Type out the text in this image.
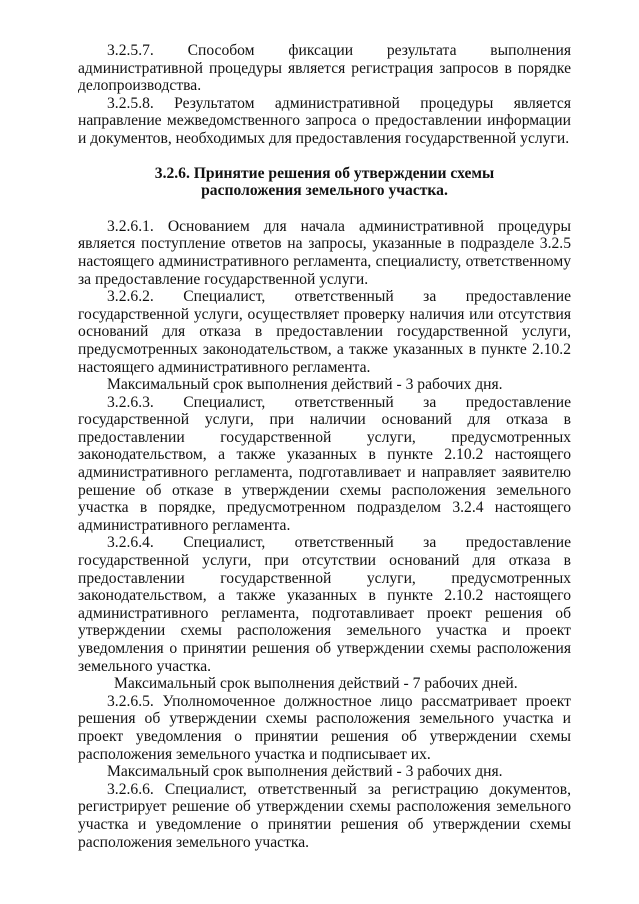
3.2.5.7. Способом фиксации результата выполнения административной процедуры является регистрация запросов в порядке делопроизводства.

3.2.5.8. Результатом административной процедуры является направление межведомственного запроса о предоставлении информации и документов, необходимых для предоставления государственной услуги.

3.2.6. Принятие решения об утверждении схемы расположения земельного участка.

3.2.6.1. Основанием для начала административной процедуры является поступление ответов на запросы, указанные в подразделе 3.2.5 настоящего административного регламента, специалисту, ответственному за предоставление государственной услуги.

3.2.6.2. Специалист, ответственный за предоставление государственной услуги, осуществляет проверку наличия или отсутствия оснований для отказа в предоставлении государственной услуги, предусмотренных законодательством, а также указанных в пункте 2.10.2 настоящего административного регламента.

Максимальный срок выполнения действий - 3 рабочих дня.

3.2.6.3. Специалист, ответственный за предоставление государственной услуги, при наличии оснований для отказа в предоставлении государственной услуги, предусмотренных законодательством, а также указанных в пункте 2.10.2 настоящего административного регламента, подготавливает и направляет заявителю решение об отказе в утверждении схемы расположения земельного участка в порядке, предусмотренном подразделом 3.2.4 настоящего административного регламента.

3.2.6.4. Специалист, ответственный за предоставление государственной услуги, при отсутствии оснований для отказа в предоставлении государственной услуги, предусмотренных законодательством, а также указанных в пункте 2.10.2 настоящего административного регламента, подготавливает проект решения об утверждении схемы расположения земельного участка и проект уведомления о принятии решения об утверждении схемы расположения земельного участка.

Максимальный срок выполнения действий - 7 рабочих дней.

3.2.6.5. Уполномоченное должностное лицо рассматривает проект решения об утверждении схемы расположения земельного участка и проект уведомления о принятии решения об утверждении схемы расположения земельного участка и подписывает их.

Максимальный срок выполнения действий - 3 рабочих дня.

3.2.6.6. Специалист, ответственный за регистрацию документов, регистрирует решение об утверждении схемы расположения земельного участка и уведомление о принятии решения об утверждении схемы расположения земельного участка.
